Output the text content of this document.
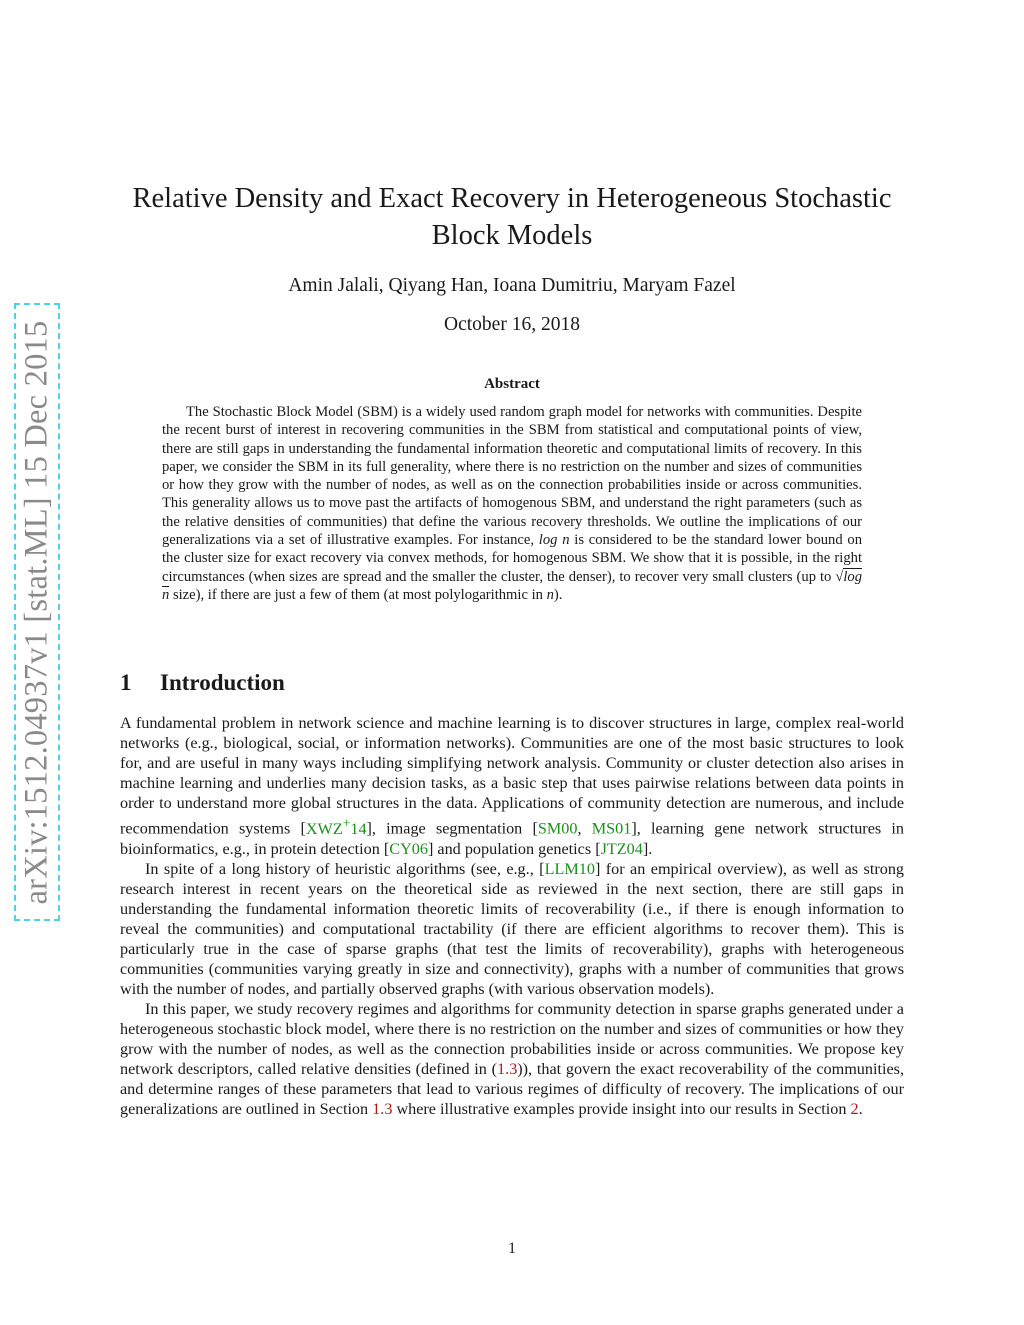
arXiv:1512.04937v1 [stat.ML] 15 Dec 2015
Relative Density and Exact Recovery in Heterogeneous Stochastic Block Models
Amin Jalali, Qiyang Han, Ioana Dumitriu, Maryam Fazel
October 16, 2018
Abstract

The Stochastic Block Model (SBM) is a widely used random graph model for networks with communities. Despite the recent burst of interest in recovering communities in the SBM from statistical and computational points of view, there are still gaps in understanding the fundamental information theoretic and computational limits of recovery. In this paper, we consider the SBM in its full generality, where there is no restriction on the number and sizes of communities or how they grow with the number of nodes, as well as on the connection probabilities inside or across communities. This generality allows us to move past the artifacts of homogenous SBM, and understand the right parameters (such as the relative densities of communities) that define the various recovery thresholds. We outline the implications of our generalizations via a set of illustrative examples. For instance, log n is considered to be the standard lower bound on the cluster size for exact recovery via convex methods, for homogenous SBM. We show that it is possible, in the right circumstances (when sizes are spread and the smaller the cluster, the denser), to recover very small clusters (up to √log n size), if there are just a few of them (at most polylogarithmic in n).

1 Introduction

A fundamental problem in network science and machine learning is to discover structures in large, complex real-world networks (e.g., biological, social, or information networks). Communities are one of the most basic structures to look for, and are useful in many ways including simplifying network analysis. Community or cluster detection also arises in machine learning and underlies many decision tasks, as a basic step that uses pairwise relations between data points in order to understand more global structures in the data. Applications of community detection are numerous, and include recommendation systems [XWZ+14], image segmentation [SM00, MS01], learning gene network structures in bioinformatics, e.g., in protein detection [CY06] and population genetics [JTZ04].

In spite of a long history of heuristic algorithms (see, e.g., [LLM10] for an empirical overview), as well as strong research interest in recent years on the theoretical side as reviewed in the next section, there are still gaps in understanding the fundamental information theoretic limits of recoverability (i.e., if there is enough information to reveal the communities) and computational tractability (if there are efficient algorithms to recover them). This is particularly true in the case of sparse graphs (that test the limits of recoverability), graphs with heterogeneous communities (communities varying greatly in size and connectivity), graphs with a number of communities that grows with the number of nodes, and partially observed graphs (with various observation models).

In this paper, we study recovery regimes and algorithms for community detection in sparse graphs generated under a heterogeneous stochastic block model, where there is no restriction on the number and sizes of communities or how they grow with the number of nodes, as well as the connection probabilities inside or across communities. We propose key network descriptors, called relative densities (defined in (1.3)), that govern the exact recoverability of the communities, and determine ranges of these parameters that lead to various regimes of difficulty of recovery. The implications of our generalizations are outlined in Section 1.3 where illustrative examples provide insight into our results in Section 2.

1
